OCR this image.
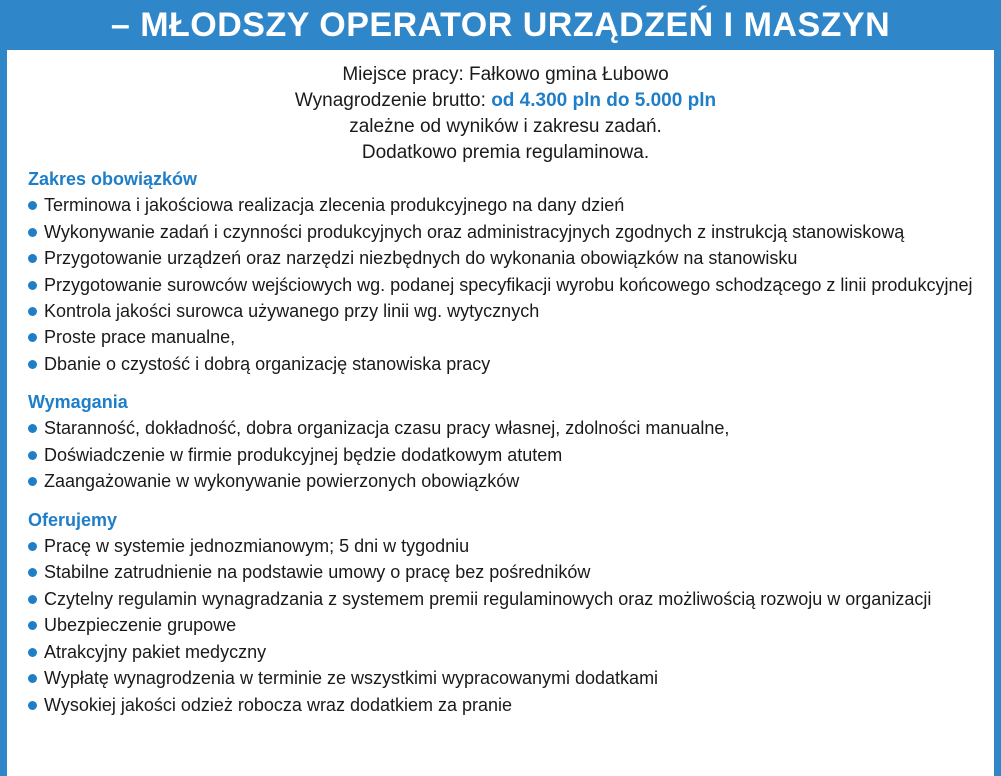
– MŁODSZY OPERATOR URZĄDZEŃ I MASZYN
Miejsce pracy: Fałkowo gmina Łubowo
Wynagrodzenie brutto: od 4.300 pln do 5.000 pln
zależne od wyników i zakresu zadań.
Dodatkowo premia regulaminowa.
Zakres obowiązków
Terminowa i jakościowa realizacja zlecenia produkcyjnego na dany dzień
Wykonywanie zadań i czynności produkcyjnych oraz administracyjnych zgodnych z instrukcją stanowiskową
Przygotowanie urządzeń oraz narzędzi niezbędnych do wykonania obowiązków na stanowisku
Przygotowanie surowców wejściowych wg. podanej specyfikacji wyrobu końcowego schodzącego z linii produkcyjnej
Kontrola jakości surowca używanego przy linii wg. wytycznych
Proste prace manualne,
Dbanie o czystość i dobrą organizację stanowiska pracy
Wymagania
Staranność, dokładność, dobra organizacja czasu pracy własnej, zdolności manualne,
Doświadczenie w firmie produkcyjnej będzie dodatkowym atutem
Zaangażowanie w wykonywanie powierzonych obowiązków
Oferujemy
Pracę w systemie jednozmianowym; 5 dni w tygodniu
Stabilne zatrudnienie na podstawie umowy o pracę bez pośredników
Czytelny regulamin wynagradzania z systemem premii regulaminowych oraz możliwością rozwoju w organizacji
Ubezpieczenie grupowe
Atrakcyjny pakiet medyczny
Wypłatę wynagrodzenia w terminie ze wszystkimi wypracowanymi dodatkami
Wysokiej jakości odzież robocza wraz dodatkiem za pranie
